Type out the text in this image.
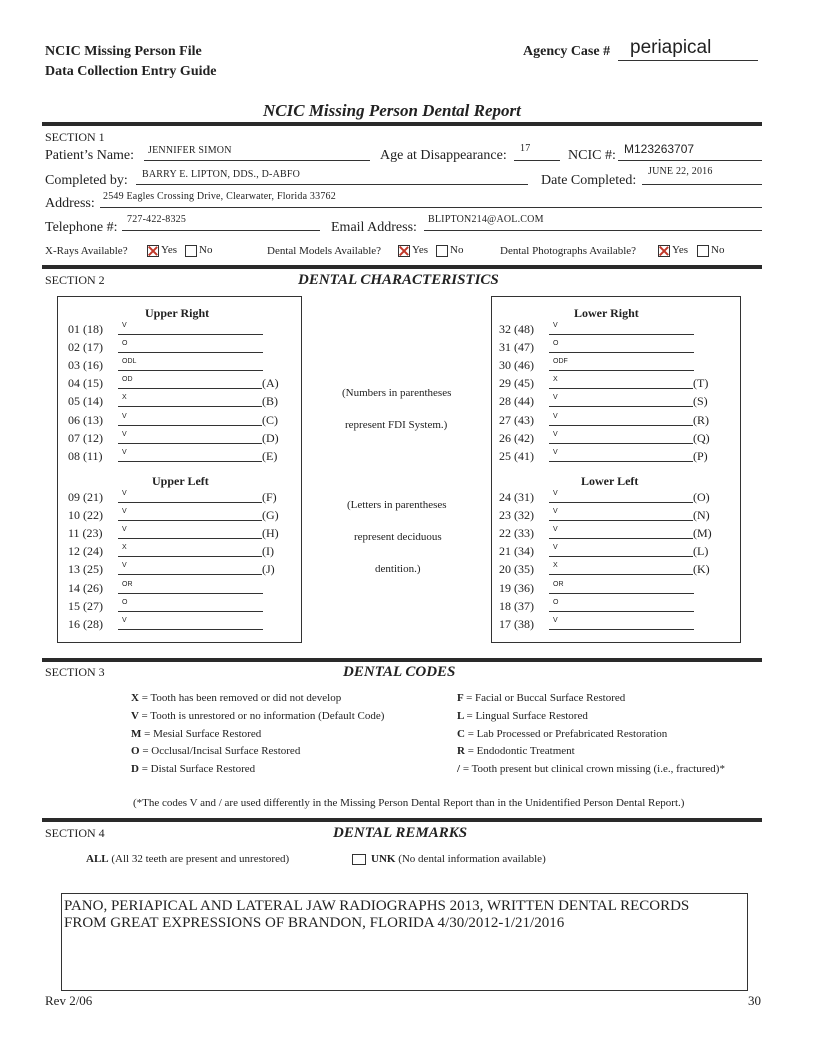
NCIC Missing Person File
Data Collection Entry Guide
Agency Case # periapical
NCIC Missing Person Dental Report
SECTION 1
Patient’s Name: JENNIFER SIMON	Age at Disappearance: 17	NCIC #: M123263707
Completed by: BARRY E. LIPTON, DDS., D-ABFO	Date Completed:
JUNE 22, 2016
Address: 2549 Eagles Crossing Drive, Clearwater, Florida 33762
Telephone #:
727-422-8325
Email Address:
BLIPTON214@AOL.COM
X-Rays Available?	Yes No	Dental Models Available?	Yes No	Dental Photographs Available?	Yes No
SECTION 2	DENTAL CHARACTERISTICS
Upper Right
Upper Left
Lower Right
Lower Left
01 (18)	V
02 (17)	O
03 (16)	ODL
04 (15)	OD	(A)
05 (14)	X	(B)
06 (13)	V	(C)
07 (12)	V	(D)
08 (11)	V	(E)
09 (21)	V	(F)
10 (22)	V	(G)
11 (23)	V	(H)
12 (24)	X	(I)
13 (25)	V	(J)
14 (26)	OR
15 (27)	O
16 (28)	V
32 (48)	V
31 (47)	O
30 (46)	ODF
29 (45)	X	(T)
28 (44)	V	(S)
27 (43)	V	(R)
26 (42)	V	(Q)
25 (41)	V	(P)
24 (31)	V	(O)
23 (32)	V	(N)
22 (33)	V	(M)
21 (34)	V	(L)
20 (35)	X	(K)
19 (36)	OR
18 (37)	O
17 (38)	V
(Numbers in parentheses
represent FDI System.)
(Letters in parentheses
represent deciduous
dentition.)
SECTION 3	DENTAL CODES
X = Tooth has been removed or did not develop
V = Tooth is unrestored or no information (Default Code)
M = Mesial Surface Restored
O = Occlusal/Incisal Surface Restored
D = Distal Surface Restored
F = Facial or Buccal Surface Restored
L = Lingual Surface Restored
C = Lab Processed or Prefabricated Restoration
R = Endodontic Treatment
/ = Tooth present but clinical crown missing (i.e., fractured)*
(*The codes V and / are used differently in the Missing Person Dental Report than in the Unidentified Person Dental Report.)
SECTION 4	DENTAL REMARKS
ALL (All 32 teeth are present and unrestored)	UNK (No dental information available)
PANO, PERIAPICAL AND LATERAL JAW RADIOGRAPHS 2013, WRITTEN DENTAL RECORDS
FROM GREAT EXPRESSIONS OF BRANDON, FLORIDA 4/30/2012-1/21/2016
Rev 2/06	30
